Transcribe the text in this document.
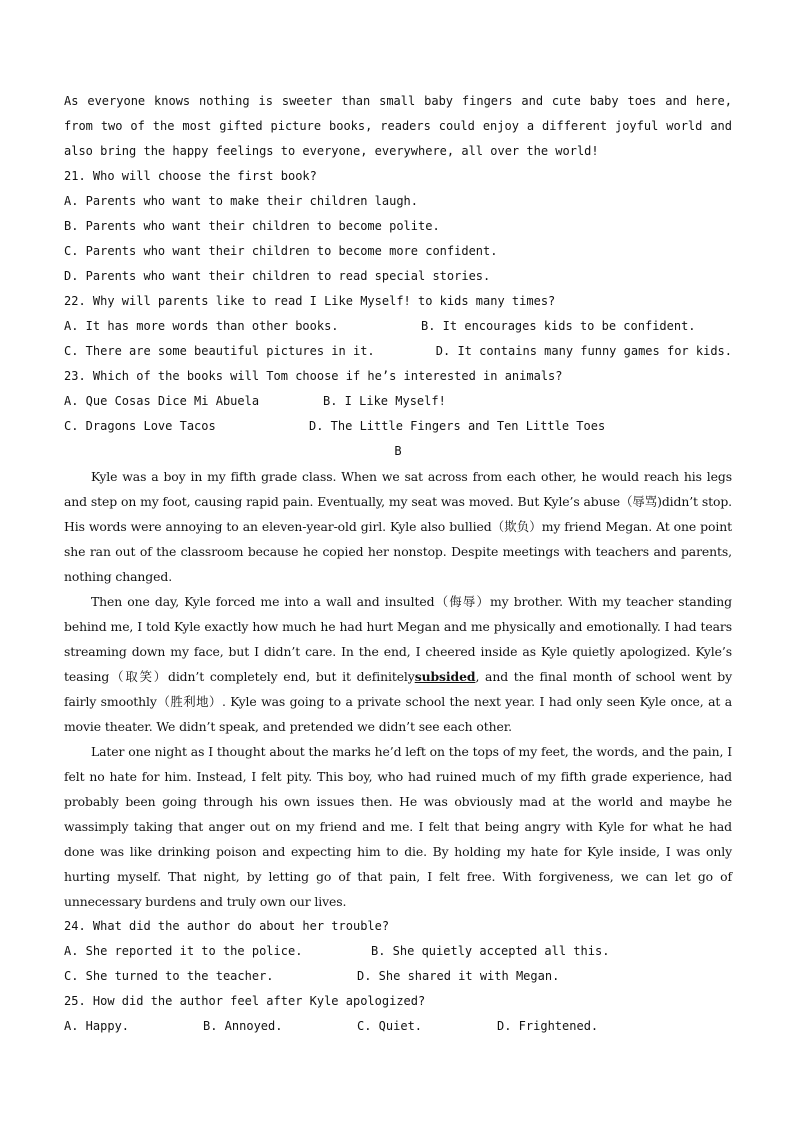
As everyone knows nothing is sweeter than small baby fingers and cute baby toes and here, from two of the most gifted picture books, readers could enjoy a different joyful world and also bring the happy feelings to everyone, everywhere, all over the world!
21. Who will choose the first book?
A. Parents who want to make their children laugh.
B. Parents who want their children to become polite.
C. Parents who want their children to become more confident.
D. Parents who want their children to read special stories.
22. Why will parents like to read I Like Myself! to kids many times?
A. It has more words than other books.	B. It encourages kids to be confident.
C. There are some beautiful pictures in it.	D. It contains many funny games for kids.
23. Which of the books will Tom choose if he’s interested in animals?
A. Que Cosas Dice Mi Abuela	B. I Like Myself!
C. Dragons Love Tacos	D. The Little Fingers and Ten Little Toes
B
Kyle was a boy in my fifth grade class. When we sat across from each other, he would reach his legs and step on my foot, causing rapid pain. Eventually, my seat was moved. But Kyle’s abuse（辱骂)didn’t stop. His words were annoying to an eleven-year-old girl. Kyle also bullied（欺负）my friend Megan. At one point she ran out of the classroom because he copied her nonstop. Despite meetings with teachers and parents, nothing changed.
Then one day, Kyle forced me into a wall and insulted（侮辱）my brother. With my teacher standing behind me, I told Kyle exactly how much he had hurt Megan and me physically and emotionally. I had tears streaming down my face, but I didn’t care. In the end, I cheered inside as Kyle quietly apologized. Kyle’s teasing（取笑）didn’t completely end, but it definitelysubsided, and the final month of school went by fairly smoothly（胜利地）. Kyle was going to a private school the next year. I had only seen Kyle once, at a movie theater. We didn’t speak, and pretended we didn’t see each other.
Later one night as I thought about the marks he’d left on the tops of my feet, the words, and the pain, I felt no hate for him. Instead, I felt pity. This boy, who had ruined much of my fifth grade experience, had probably been going through his own issues then. He was obviously mad at the world and maybe he wassimply taking that anger out on my friend and me. I felt that being angry with Kyle for what he had done was like drinking poison and expecting him to die. By holding my hate for Kyle inside, I was only hurting myself. That night, by letting go of that pain, I felt free. With forgiveness, we can let go of unnecessary burdens and truly own our lives.
24. What did the author do about her trouble?
A. She reported it to the police.	B. She quietly accepted all this.
C. She turned to the teacher.	D. She shared it with Megan.
25. How did the author feel after Kyle apologized?
A. Happy.	B. Annoyed.	C. Quiet.	D. Frightened.
